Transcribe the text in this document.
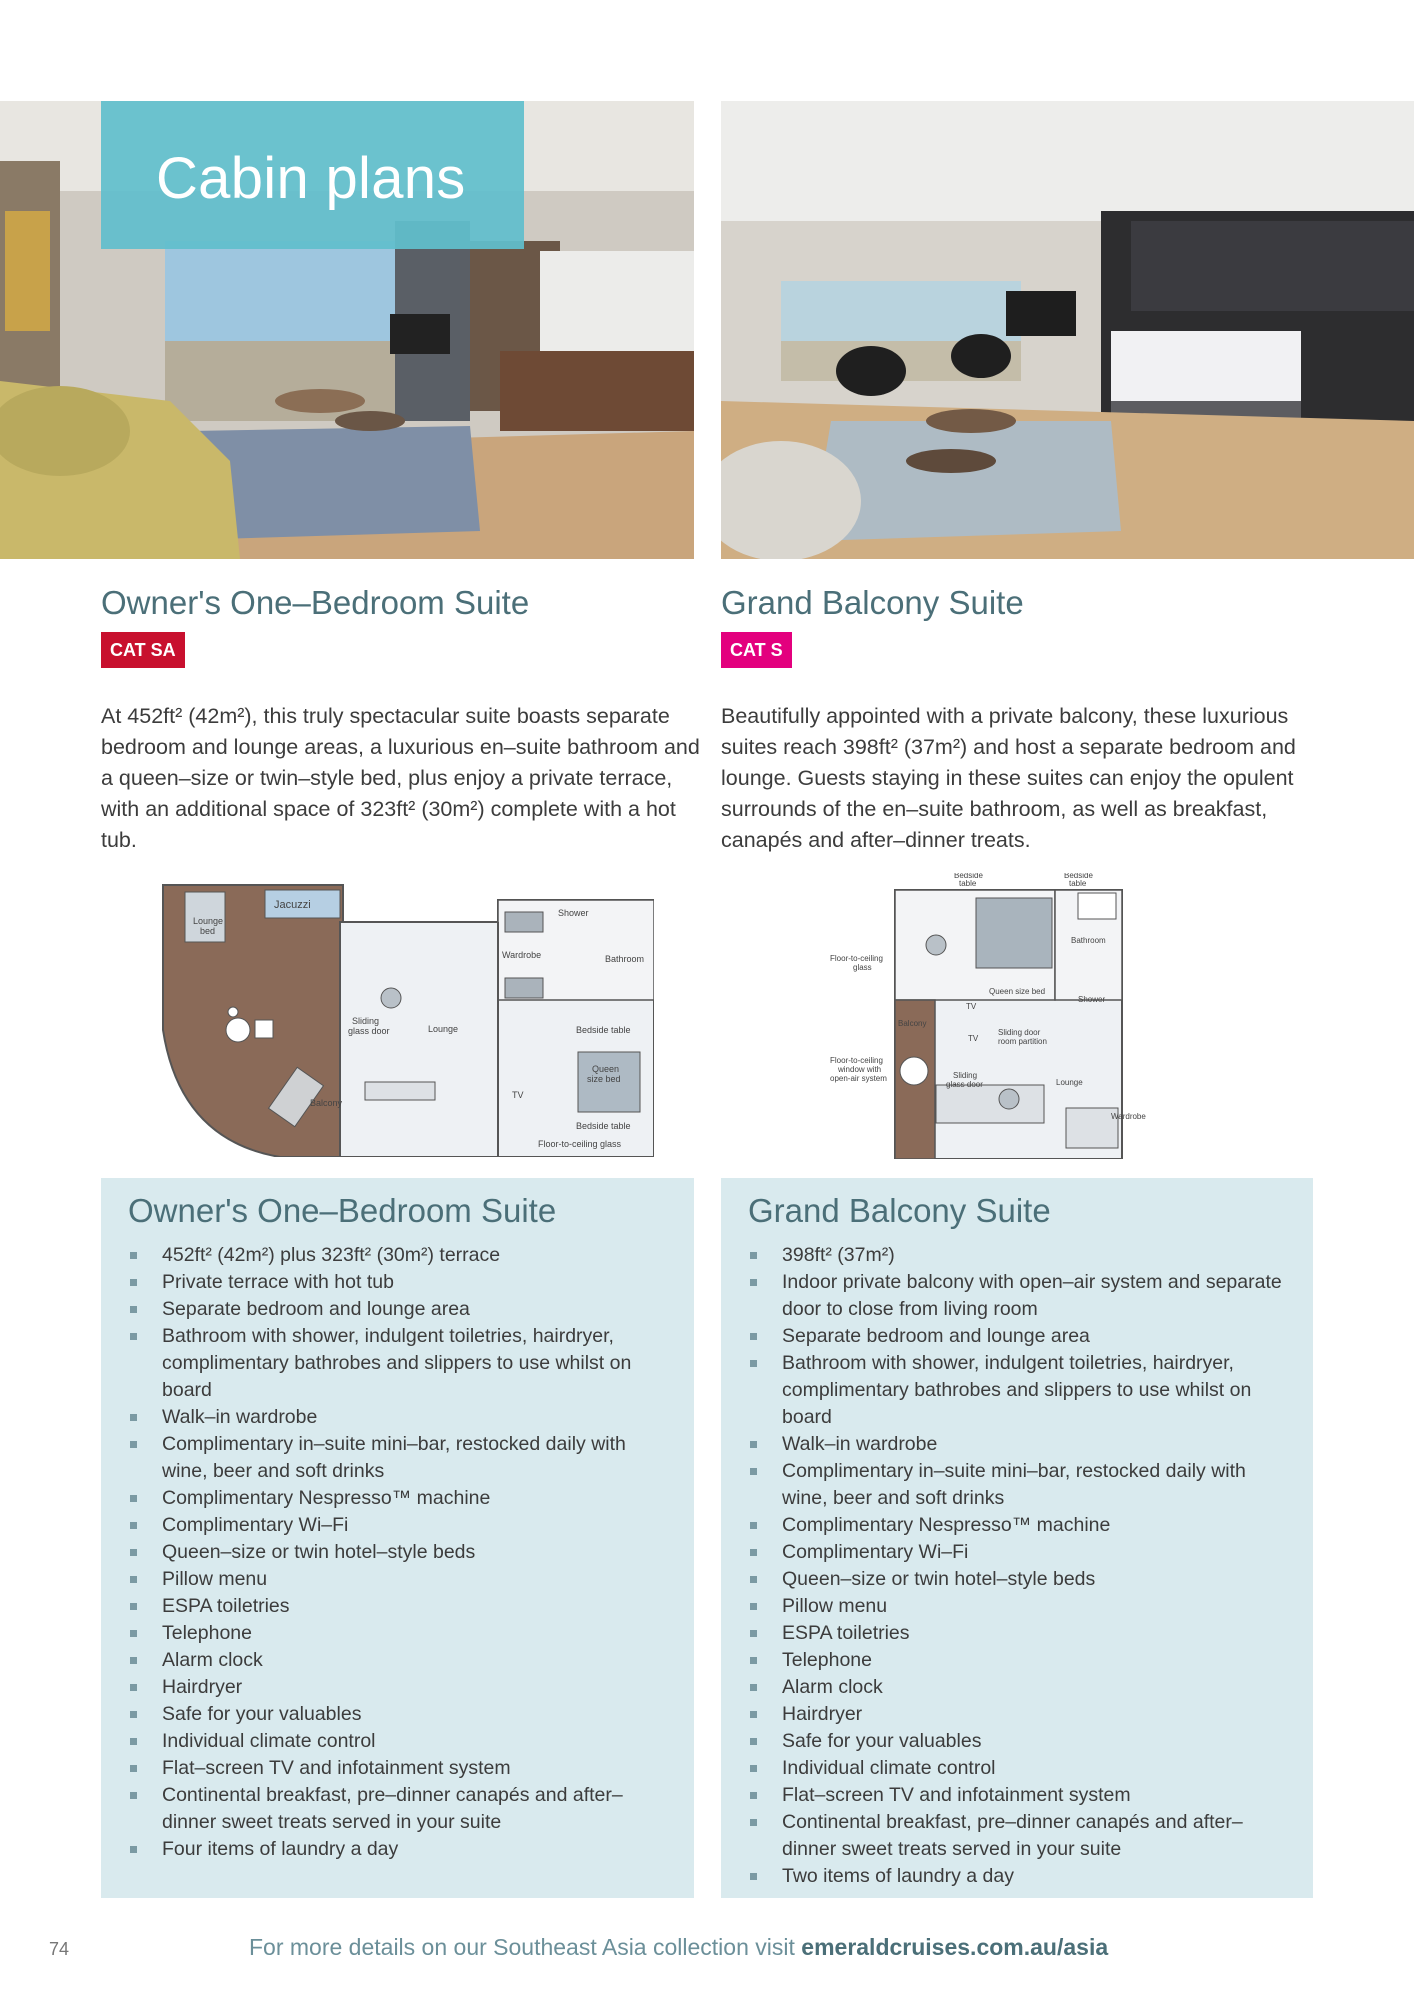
Cabin plans
Owner's One–Bedroom Suite
CAT SA

At 452ft² (42m²), this truly spectacular suite boasts separate bedroom and lounge areas, a luxurious en–suite bathroom and a queen–size or twin–style bed, plus enjoy a private terrace, with an additional space of 323ft² (30m²) complete with a hot tub.

Grand Balcony Suite
CAT S

Beautifully appointed with a private balcony, these luxurious suites reach 398ft² (37m²) and host a separate bedroom and lounge. Guests staying in these suites can enjoy the opulent surrounds of the en–suite bathroom, as well as breakfast, canapés and after–dinner treats.

Lounge
bed
Jacuzzi
Shower
Wardrobe	Bathroom
Sliding
glass door	Lounge	Bedside table
Queen
size bed
TV
Bedside table
Balcony
Floor-to-ceiling glass
Bedside
table
Bedside
table
Floor-to-ceiling
glass
Bathroom
Queen size bed
Shower
TV
Balcony
TV
Sliding door
room partition
Floor-to-ceiling
window with
open-air system	Sliding
glass door	Lounge
Wardrobe
Owner's One–Bedroom Suite
452ft² (42m²) plus 323ft² (30m²) terrace
Private terrace with hot tub
Separate bedroom and lounge area
Bathroom with shower, indulgent toiletries, hairdryer, complimentary bathrobes and slippers to use whilst on board
Walk–in wardrobe
Complimentary in–suite mini–bar, restocked daily with wine, beer and soft drinks
Complimentary Nespresso™ machine
Complimentary Wi–Fi
Queen–size or twin hotel–style beds
Pillow menu
ESPA toiletries
Telephone
Alarm clock
Hairdryer
Safe for your valuables
Individual climate control
Flat–screen TV and infotainment system
Continental breakfast, pre–dinner canapés and after–dinner sweet treats served in your suite
Four items of laundry a day
Grand Balcony Suite
398ft² (37m²)
Indoor private balcony with open–air system and separate door to close from living room
Separate bedroom and lounge area
Bathroom with shower, indulgent toiletries, hairdryer, complimentary bathrobes and slippers to use whilst on board
Walk–in wardrobe
Complimentary in–suite mini–bar, restocked daily with wine, beer and soft drinks
Complimentary Nespresso™ machine
Complimentary Wi–Fi
Queen–size or twin hotel–style beds
Pillow menu
ESPA toiletries
Telephone
Alarm clock
Hairdryer
Safe for your valuables
Individual climate control
Flat–screen TV and infotainment system
Continental breakfast, pre–dinner canapés and after–dinner sweet treats served in your suite
Two items of laundry a day
74	For more details on our Southeast Asia collection visit emeraldcruises.com.au/asia
